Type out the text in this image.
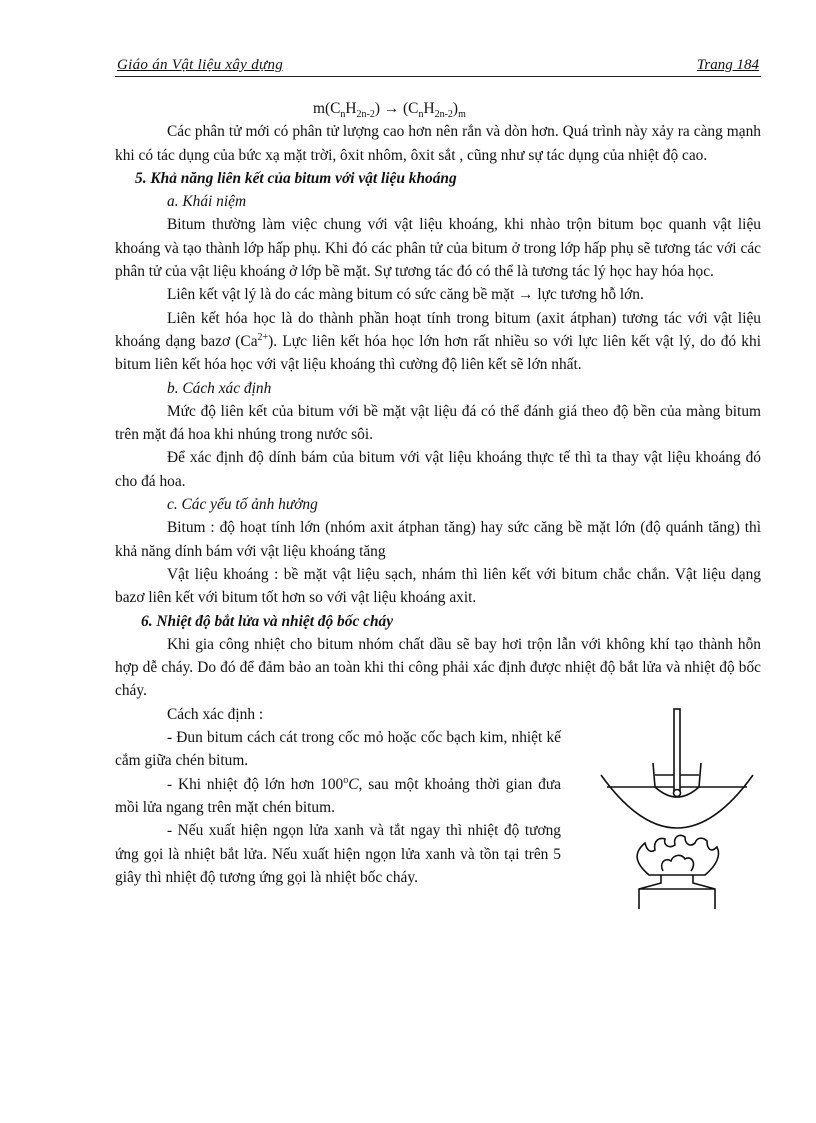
Giáo án Vật liệu xây dựng	Trang 184

$m(C_nH_{2n-2}) \to (C_nH_{2n-2})_m$

Các phân tử mới có phân tử lượng cao hơn nên rắn và dòn hơn. Quá trình này xảy ra càng mạnh khi có tác dụng của bức xạ mặt trời, ôxit nhôm, ôxit sắt , cũng như sự tác dụng của nhiệt độ cao.

5. Khả năng liên kết của bitum với vật liệu khoáng

a. Khái niệm

Bitum thường làm việc chung với vật liệu khoáng, khi nhào trộn bitum bọc quanh vật liệu khoáng và tạo thành lớp hấp phụ. Khi đó các phân tử của bitum ở trong lớp hấp phụ sẽ tương tác với các phân tử của vật liệu khoáng ở lớp bề mặt. Sự tương tác đó có thể là tương tác lý học hay hóa học.

Liên kết vật lý là do các màng bitum có sức căng bề mặt → lực tương hỗ lớn.

Liên kết hóa học là do thành phần hoạt tính trong bitum (axit átphan) tương tác với vật liệu khoáng dạng bazơ $(Ca^{2+})$. Lực liên kết hóa học lớn hơn rất nhiều so với lực liên kết vật lý, do đó khi bitum liên kết hóa học với vật liệu khoáng thì cường độ liên kết sẽ lớn nhất.

b. Cách xác định

Mức độ liên kết của bitum với bề mặt vật liệu đá có thể đánh giá theo độ bền của màng bitum trên mặt đá hoa khi nhúng trong nước sôi.

Để xác định độ dính bám của bitum với vật liệu khoáng thực tế thì ta thay vật liệu khoáng đó cho đá hoa.

c. Các yếu tố ảnh hưởng

Bitum : độ hoạt tính lớn (nhóm axit átphan tăng) hay sức căng bề mặt lớn (độ quánh tăng) thì khả năng dính bám với vật liệu khoáng tăng

Vật liệu khoáng : bề mặt vật liệu sạch, nhám thì liên kết với bitum chắc chắn. Vật liệu dạng bazơ liên kết với bitum tốt hơn so với vật liệu khoáng axit.

6. Nhiệt độ bắt lửa và nhiệt độ bốc cháy

Khi gia công nhiệt cho bitum nhóm chất dầu sẽ bay hơi trộn lẫn với không khí tạo thành hỗn hợp dễ cháy. Do đó để đảm bảo an toàn khi thi công phải xác định được nhiệt độ bắt lửa và nhiệt độ bốc cháy.

Cách xác định :

- Đun bitum cách cát trong cốc mỏ hoặc cốc bạch kim, nhiệt kế cắm giữa chén bitum.

- Khi nhiệt độ lớn hơn 100$^o$C, sau một khoảng thời gian đưa mồi lửa ngang trên mặt chén bitum.

- Nếu xuất hiện ngọn lửa xanh và tắt ngay thì nhiệt độ tương ứng gọi là nhiệt bắt lửa. Nếu xuất hiện ngọn lửa xanh và tồn tại trên 5 giây thì nhiệt độ tương ứng gọi là nhiệt bốc cháy.
